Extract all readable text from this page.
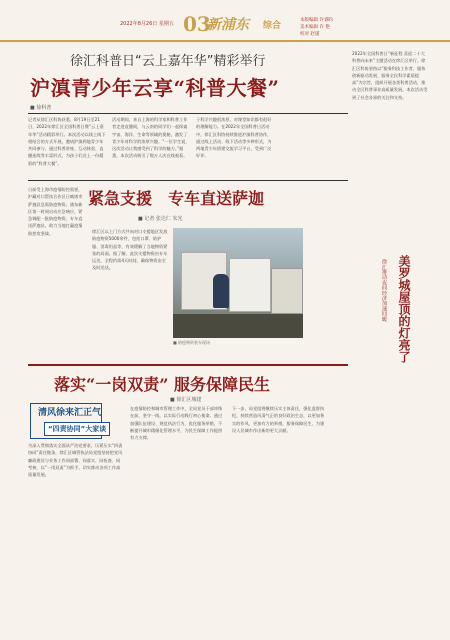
2022年8月26日 星期五 03
新浦东 综合
本版编辑 许睿昀
美术编辑 许 艳
校对 赵谨
徐汇科普日“云上嘉年华”精彩举行
沪滇青少年云享“科普大餐”
■ 徐科普
记者从徐汇区科协获悉，8月19日至21日，2022年徐汇区全国科普日暨“云上嘉年华”活动精彩举行。本次活动以线上线下相结合的方式开展，邀请沪滇两地青少年共同参与，通过科普讲座、互动体验、直播连线等丰富形式，为孩子们送上一份精彩的“科普大餐”。
活动期间，来自上海的科学家和科普工作者走进直播间，与云南的同学们一起探索宇宙、海洋、生命等领域的奥秘，激发了青少年对科学的浓厚兴趣。“一位学生说，这次活动让我感受到了科学的魅力。”据悉，本次活动吸引了数万人次在线观看。
子科学兴趣很浓厚，对课堂知识都有很好的理解能力。在2022年全国科普日活动中，徐汇区科协持续推进沪滇科普协作，通过线上活动、线下活动等多种形式，为两地青少年搭建交流学习平台，受到广泛好评。
2022年全国科普日“新征程 喜迎二十大 科普向未来”主题活动在徐汇区举行。徐汇区科协坚持以“服务科技工作者、服务创新驱动发展、服务全民科学素质提高”为宗旨，组织开展各类科普活动，推动全区科普事业高质量发展。本次活动受到了社会各界的关注和支持。
日前受上海市疫情防控需要，沪藏对口帮扶合作区日喀则市萨迦县急需防疫物资。浦东新区第一时间启动应急响应，紧急调配一批防疫物资，专车直送萨迦县，助力当地打赢疫情防控攻坚战。
紧急支援　专车直送萨迦
■ 记者 张达仁 朱光
徐汇区以上门方式共向对口支援地区发放防疫物资5000余件，包括口罩、防护服、消毒用品等，有效缓解了当地物资紧张的局面。据了解，此次支援物资由专车运送，全程约需4天时间，确保物资安全及时送达。
■ 防疫物资装车现场	美罗城屋顶的灯亮了
徐汇推动夜间经济加速回暖
落实“一岗双责” 服务保障民生
■ 徐汇区城建
清风徐来汇正气
“四责协同”大家谈
为深入贯彻落实全面从严治党要求，压紧压实“四责协同”责任链条，徐汇区城管执法局党组坚持把党风廉政建设与业务工作同部署、同落实、同检查、同考核，以“一岗双责”为抓手，切实推动各项工作高质量发展。
在疫情防控和城市管理工作中，全局党员干部冲锋在前，坚守一线，以实际行动践行初心使命。通过加强队伍建设、规范执法行为、优化服务举措，不断提升城市精细化管理水平，为民生保障工作提供有力支撑。
下一步，局党组将继续压实主体责任，强化监督执纪，持续营造风清气正的良好政治生态，以更加务实的作风、更加有力的举措，服务保障民生，为建设人民城市作出新的更大贡献。
